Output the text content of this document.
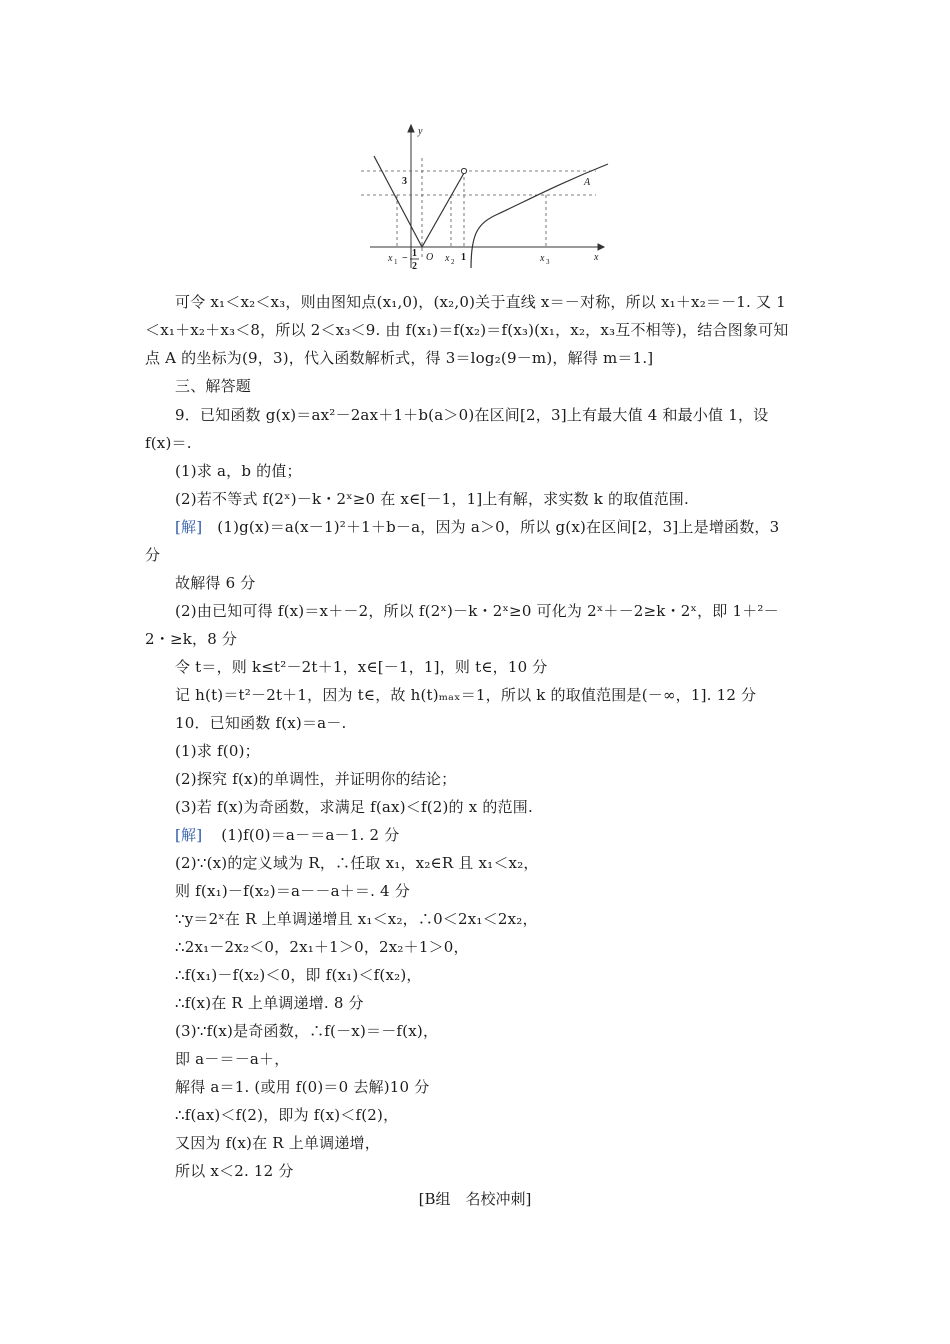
y
x
A
x 1	x 2	x 3
O
3
1
− 1
2
可令 x₁＜x₂＜x₃，则由图知点(x₁,0)，(x₂,0)关于直线 x＝－对称，所以 x₁＋x₂＝－1. 又 1
＜x₁＋x₂＋x₃＜8，所以 2＜x₃＜9. 由 f(x₁)＝f(x₂)＝f(x₃)(x₁，x₂，x₃互不相等)，结合图象可知
点 A 的坐标为(9，3)，代入函数解析式，得 3＝log₂(9－m)，解得 m＝1.]
三、解答题
9．已知函数 g(x)＝ax²－2ax＋1＋b(a＞0)在区间[2，3]上有最大值 4 和最小值 1，设
f(x)＝.
(1)求 a，b 的值；
(2)若不等式 f(2ˣ)－k・2ˣ≥0 在 x∈[－1，1]上有解，求实数 k 的取值范围.
[解] (1)g(x)＝a(x－1)²＋1＋b－a，因为 a＞0，所以 g(x)在区间[2，3]上是增函数，3
分
故解得 6 分
(2)由已知可得 f(x)＝x＋－2，所以 f(2ˣ)－k・2ˣ≥0 可化为 2ˣ＋－2≥k・2ˣ，即 1＋²－
2・≥k，8 分
令 t＝，则 k≤t²－2t＋1，x∈[－1，1]，则 t∈，10 分
记 h(t)＝t²－2t＋1，因为 t∈，故 h(t)ₘₐₓ＝1，所以 k 的取值范围是(－∞，1]. 12 分
10．已知函数 f(x)＝a－.
(1)求 f(0)；
(2)探究 f(x)的单调性，并证明你的结论；
(3)若 f(x)为奇函数，求满足 f(ax)＜f(2)的 x 的范围.
[解] (1)f(0)＝a－＝a－1. 2 分
(2)∵(x)的定义域为 R，∴任取 x₁，x₂∈R 且 x₁＜x₂，
则 f(x₁)－f(x₂)＝a－－a＋＝. 4 分
∵y＝2ˣ在 R 上单调递增且 x₁＜x₂，∴0＜2x₁＜2x₂，
∴2x₁－2x₂＜0，2x₁＋1＞0，2x₂＋1＞0，
∴f(x₁)－f(x₂)＜0，即 f(x₁)＜f(x₂)，
∴f(x)在 R 上单调递增. 8 分
(3)∵f(x)是奇函数，∴f(－x)＝－f(x)，
即 a－＝－a＋，
解得 a＝1. (或用 f(0)＝0 去解)10 分
∴f(ax)＜f(2)，即为 f(x)＜f(2)，
又因为 f(x)在 R 上单调递增，
所以 x＜2. 12 分
[B组　名校冲刺]
